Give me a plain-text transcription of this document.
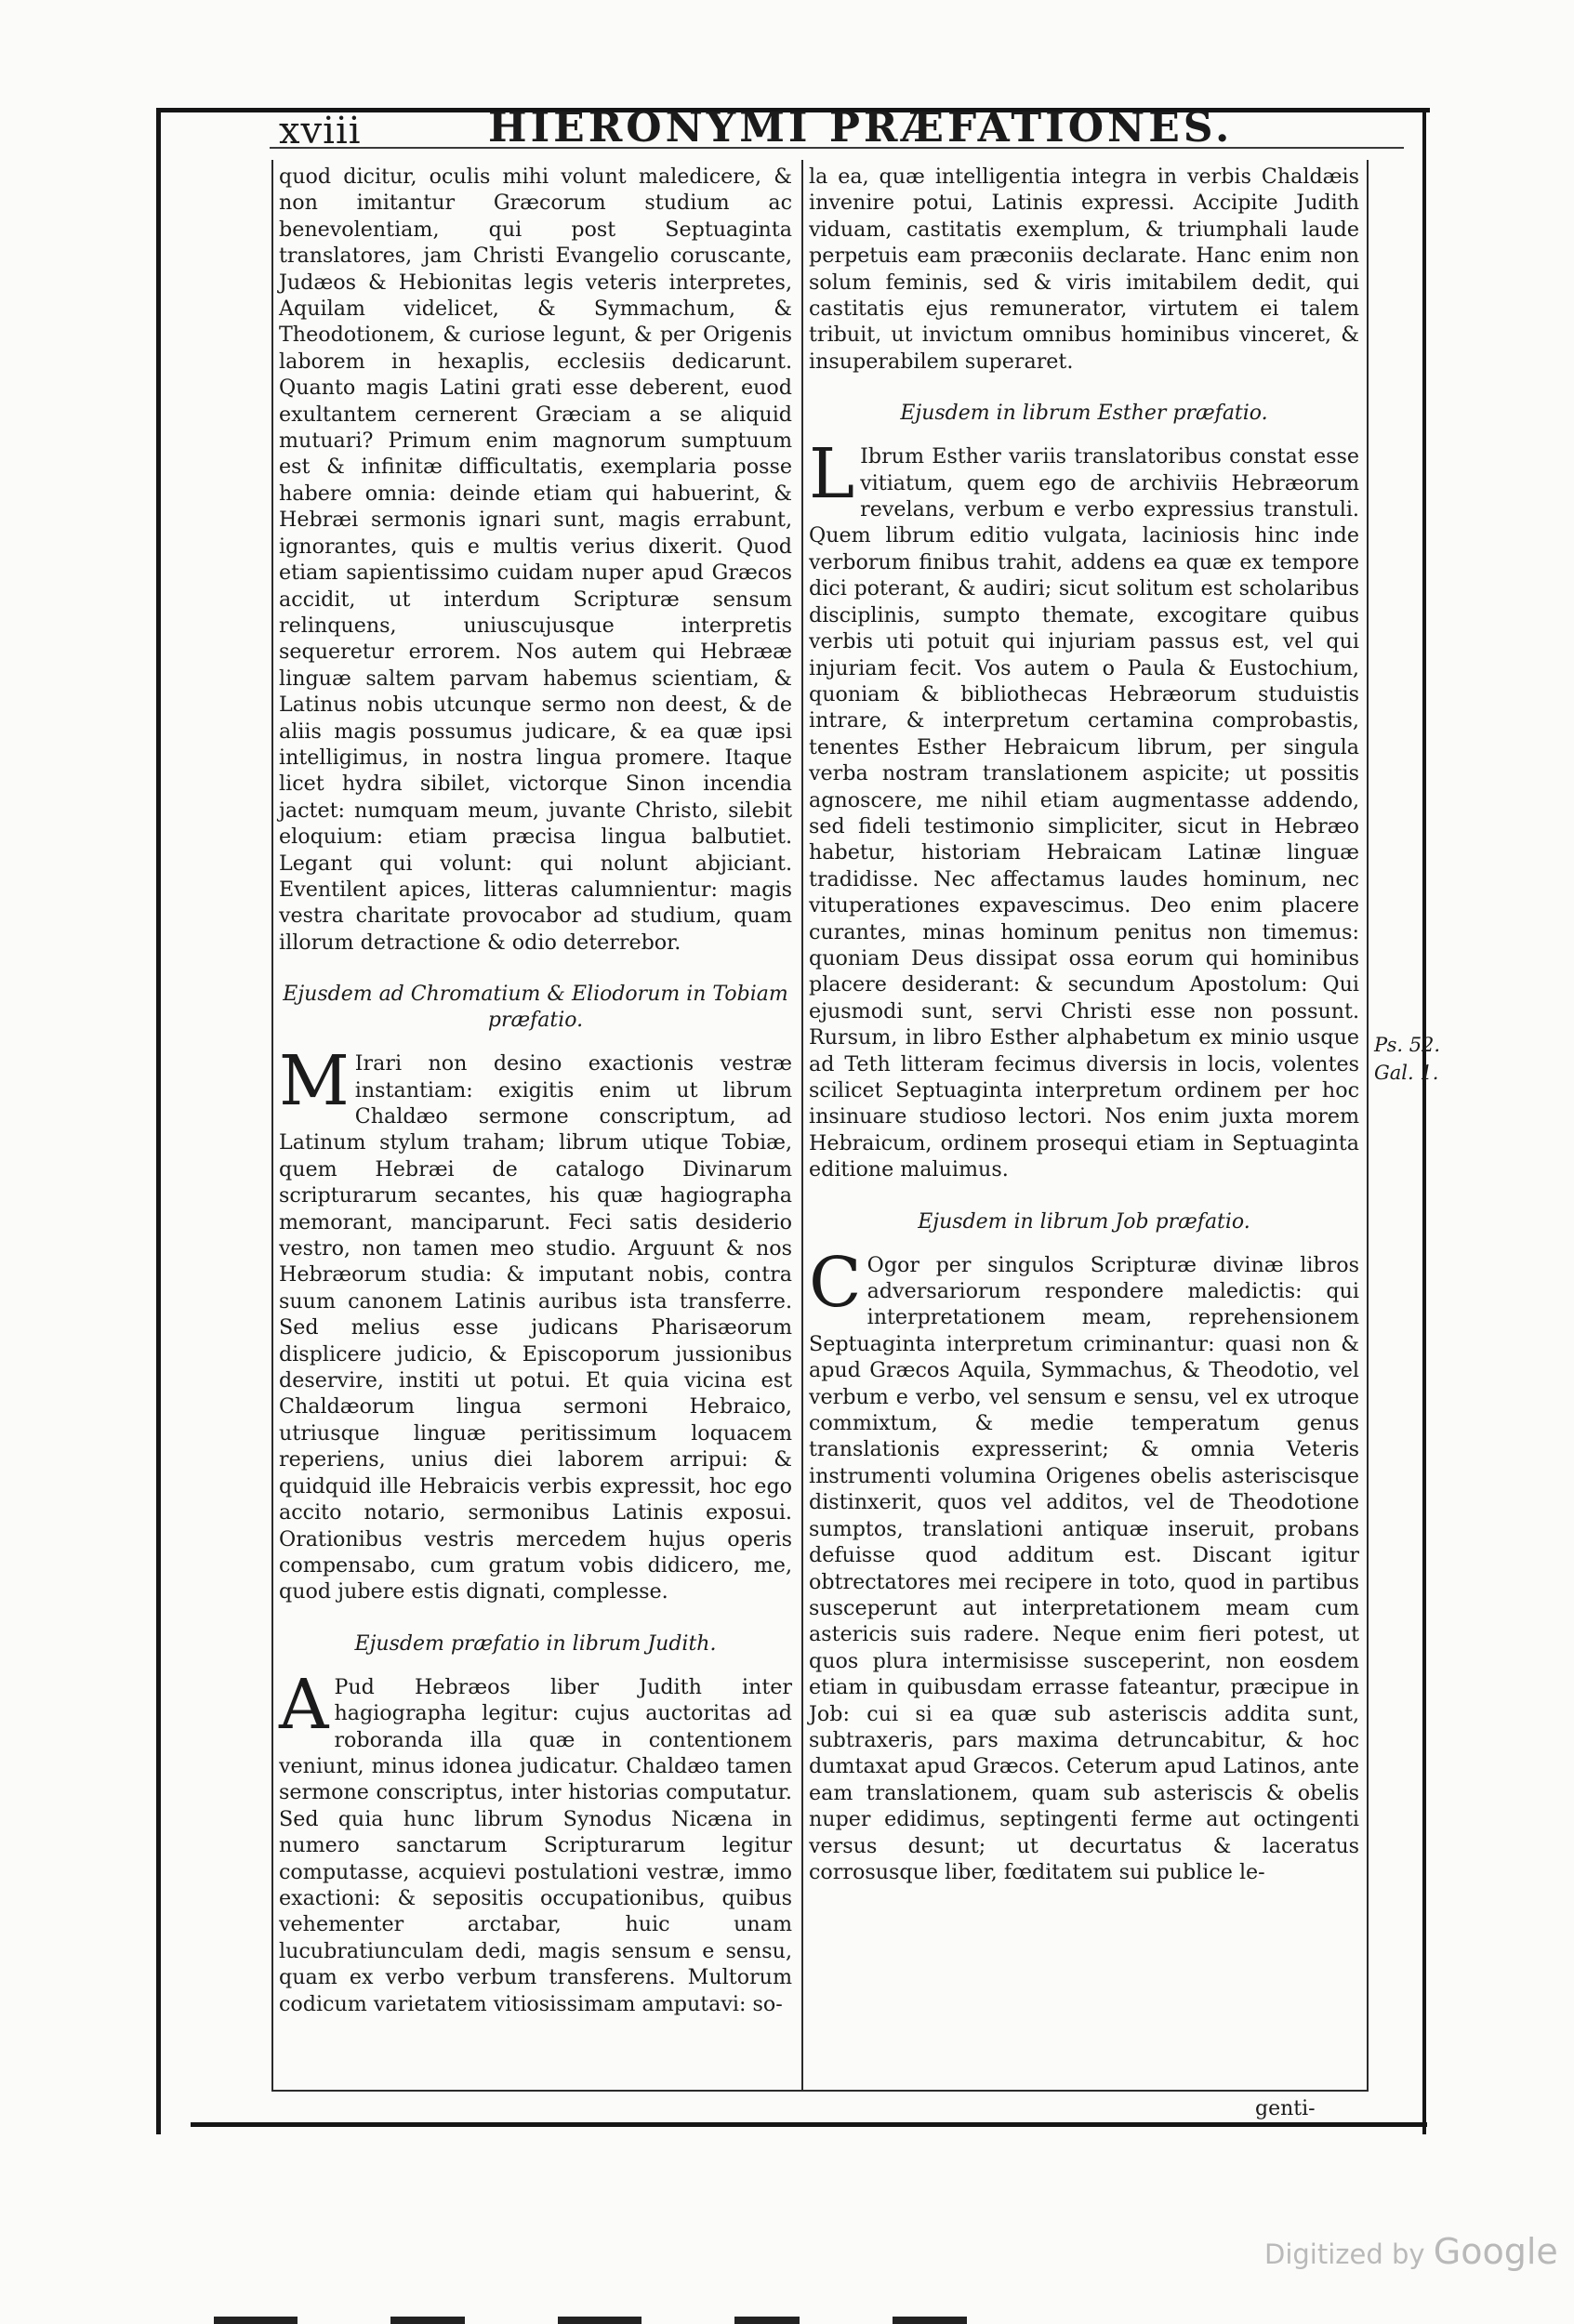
xviii	HIERONYMI PRÆFATIONES.

quod dicitur, oculis mihi volunt maledicere, & non imitantur Græcorum studium ac benevolentiam, qui post Septuaginta translatores, jam Christi Evangelio coruscante, Judæos & Hebionitas legis veteris interpretes, Aquilam videlicet, & Symmachum, & Theodotionem, & curiose legunt, & per Origenis laborem in hexaplis, ecclesiis dedicarunt. Quanto magis Latini grati esse deberent, euod exultantem cernerent Græciam a se aliquid mutuari? Primum enim magnorum sumptuum est & infinitæ difficultatis, exemplaria posse habere omnia: deinde etiam qui habuerint, & Hebræi sermonis ignari sunt, magis errabunt, ignorantes, quis e multis verius dixerit. Quod etiam sapientissimo cuidam nuper apud Græcos accidit, ut interdum Scripturæ sensum relinquens, uniuscujusque interpretis sequeretur errorem. Nos autem qui Hebrææ linguæ saltem parvam habemus scientiam, & Latinus nobis utcunque sermo non deest, & de aliis magis possumus judicare, & ea quæ ipsi intelligimus, in nostra lingua promere. Itaque licet hydra sibilet, victorque Sinon incendia jactet: numquam meum, juvante Christo, silebit eloquium: etiam præcisa lingua balbutiet. Legant qui volunt: qui nolunt abjiciant. Eventilent apices, litteras calumnientur: magis vestra charitate provocabor ad studium, quam illorum detractione & odio deterrebor.

Ejusdem ad Chromatium & Eliodorum in Tobiam præfatio.

M Irari non desino exactionis vestræ instantiam: exigitis enim ut librum Chaldæo sermone conscriptum, ad Latinum stylum traham; librum utique Tobiæ, quem Hebræi de catalogo Divinarum scripturarum secantes, his quæ hagiographa memorant, manciparunt. Feci satis desiderio vestro, non tamen meo studio. Arguunt & nos Hebræorum studia: & imputant nobis, contra suum canonem Latinis auribus ista transferre. Sed melius esse judicans Pharisæorum displicere judicio, & Episcoporum jussionibus deservire, institi ut potui. Et quia vicina est Chaldæorum lingua sermoni Hebraico, utriusque linguæ peritissimum loquacem reperiens, unius diei laborem arripui: & quidquid ille Hebraicis verbis expressit, hoc ego accito notario, sermonibus Latinis exposui. Orationibus vestris mercedem hujus operis compensabo, cum gratum vobis didicero, me, quod jubere estis dignati, complesse.

Ejusdem præfatio in librum Judith.

A Pud Hebræos liber Judith inter hagiographa legitur: cujus auctoritas ad roboranda illa quæ in contentionem veniunt, minus idonea judicatur. Chaldæo tamen sermone conscriptus, inter historias computatur. Sed quia hunc librum Synodus Nicæna in numero sanctarum Scripturarum legitur computasse, acquievi postulationi vestræ, immo exactioni: & sepositis occupationibus, quibus vehementer arctabar, huic unam lucubratiunculam dedi, magis sensum e sensu, quam ex verbo verbum transferens. Multorum codicum varietatem vitiosissimam amputavi: so-

la ea, quæ intelligentia integra in verbis Chaldæis invenire potui, Latinis expressi. Accipite Judith viduam, castitatis exemplum, & triumphali laude perpetuis eam præconiis declarate. Hanc enim non solum feminis, sed & viris imitabilem dedit, qui castitatis ejus remunerator, virtutem ei talem tribuit, ut invictum omnibus hominibus vinceret, & insuperabilem superaret.

Ejusdem in librum Esther præfatio.

L Ibrum Esther variis translatoribus constat esse vitiatum, quem ego de archiviis Hebræorum revelans, verbum e verbo expressius transtuli. Quem librum editio vulgata, laciniosis hinc inde verborum finibus trahit, addens ea quæ ex tempore dici poterant, & audiri; sicut solitum est scholaribus disciplinis, sumpto themate, excogitare quibus verbis uti potuit qui injuriam passus est, vel qui injuriam fecit. Vos autem o Paula & Eustochium, quoniam & bibliothecas Hebræorum studuistis intrare, & interpretum certamina comprobastis, tenentes Esther Hebraicum librum, per singula verba nostram translationem aspicite; ut possitis agnoscere, me nihil etiam augmentasse addendo, sed fideli testimonio simpliciter, sicut in Hebræo habetur, historiam Hebraicam Latinæ linguæ tradidisse. Nec affectamus laudes hominum, nec vituperationes expavescimus. Deo enim placere curantes, minas hominum penitus non timemus: quoniam Deus dissipat ossa eorum qui hominibus placere desiderant: & secundum Apostolum: Qui ejusmodi sunt, servi Christi esse non possunt. Rursum, in libro Esther alphabetum ex minio usque ad Teth litteram fecimus diversis in locis, volentes scilicet Septuaginta interpretum ordinem per hoc insinuare studioso lectori. Nos enim juxta morem Hebraicum, ordinem prosequi etiam in Septuaginta editione maluimus.

Ejusdem in librum Job præfatio.

C Ogor per singulos Scripturæ divinæ libros adversariorum respondere maledictis: qui interpretationem meam, reprehensionem Septuaginta interpretum criminantur: quasi non & apud Græcos Aquila, Symmachus, & Theodotio, vel verbum e verbo, vel sensum e sensu, vel ex utroque commixtum, & medie temperatum genus translationis expresserint; & omnia Veteris instrumenti volumina Origenes obelis asteriscisque distinxerit, quos vel additos, vel de Theodotione sumptos, translationi antiquæ inseruit, probans defuisse quod additum est. Discant igitur obtrectatores mei recipere in toto, quod in partibus susceperunt aut interpretationem meam cum astericis suis radere. Neque enim fieri potest, ut quos plura intermisisse susceperint, non eosdem etiam in quibusdam errasse fateantur, præcipue in Job: cui si ea quæ sub asteriscis addita sunt, subtraxeris, pars maxima detruncabitur, & hoc dumtaxat apud Græcos. Ceterum apud Latinos, ante eam translationem, quam sub asteriscis & obelis nuper edidimus, septingenti ferme aut octingenti versus desunt; ut decurtatus & laceratus corrosusque liber, fœditatem sui publice le-

Ps. 52.
Gal. 1.
genti-
Digitized by Google
